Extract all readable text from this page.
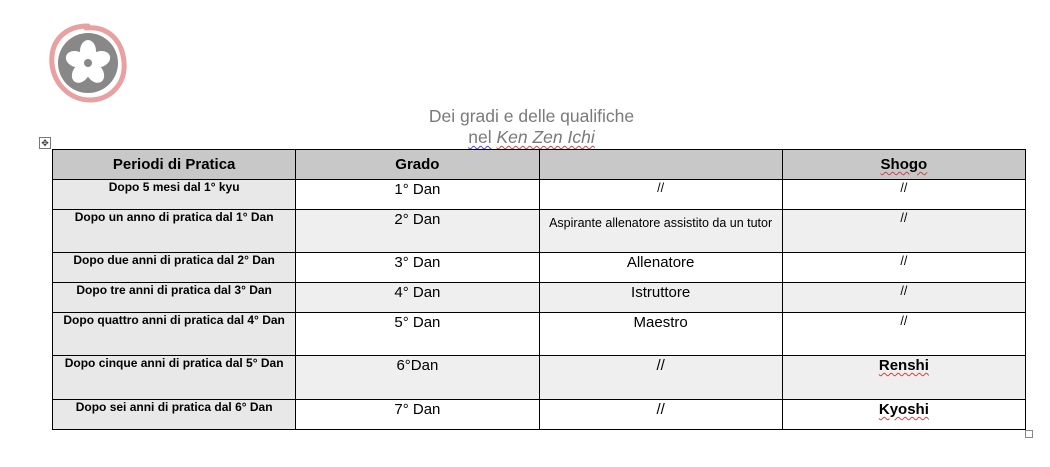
Dei gradi e delle qualifiche
nel Ken Zen Ichi
✥
Periodi di Pratica	Grado		Shogo
Dopo 5 mesi dal 1° kyu	1° Dan	//	//
Dopo un anno di pratica dal 1° Dan	2° Dan	Aspirante allenatore assistito da un tutor	//
Dopo due anni di pratica dal 2° Dan	3° Dan	Allenatore	//
Dopo tre anni di pratica dal 3° Dan	4° Dan	Istruttore	//
Dopo quattro anni di pratica dal 4° Dan	5° Dan	Maestro	//
Dopo cinque anni di pratica dal 5° Dan	6°Dan	//	Renshi
Dopo sei anni di pratica dal 6° Dan	7° Dan	//	Kyoshi
